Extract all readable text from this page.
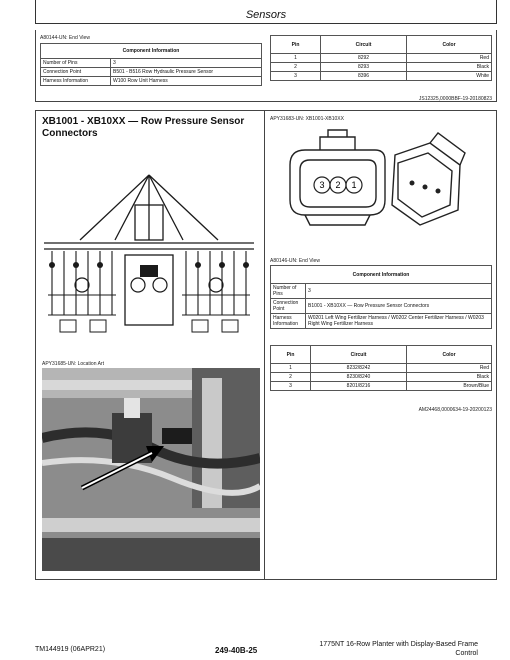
Sensors
A80144-UN: End View
Component Information	
Number of Pins	3
Connection Point	B501 - B516 Row Hydraulic Pressure Sensor
Harness Information	W100 Row Unit Harness
Pin	Circuit	Color
1	8292	Red
2	8293	Black
3	8396	White
JS12325,0000BBF-19-20180823
XB1001 - XB10XX — Row Pressure Sensor Connectors
APY31683-UN: XB1001-XB10XX
3 2 1
A80146-UN: End View
Component Information	
Number of Pins	3
Connection Point	B1001 - XB10XX — Row Pressure Sensor Connectors
Harness Information	W0201 Left Wing Fertilizer Harness / W0202 Center Fertilizer Harness / W0203 Right Wing Fertilizer Harness
Pin	Circuit	Color
1	8232/8242	Red
2	8230/8240	Black
3	8201/8216	Brown/Blue
AM24468,0000634-19-20200123
APY31685-UN: Location Art
TM144919 (06APR21)	249-40B-25
1775NT 16-Row Planter with Display-Based Frame Control
